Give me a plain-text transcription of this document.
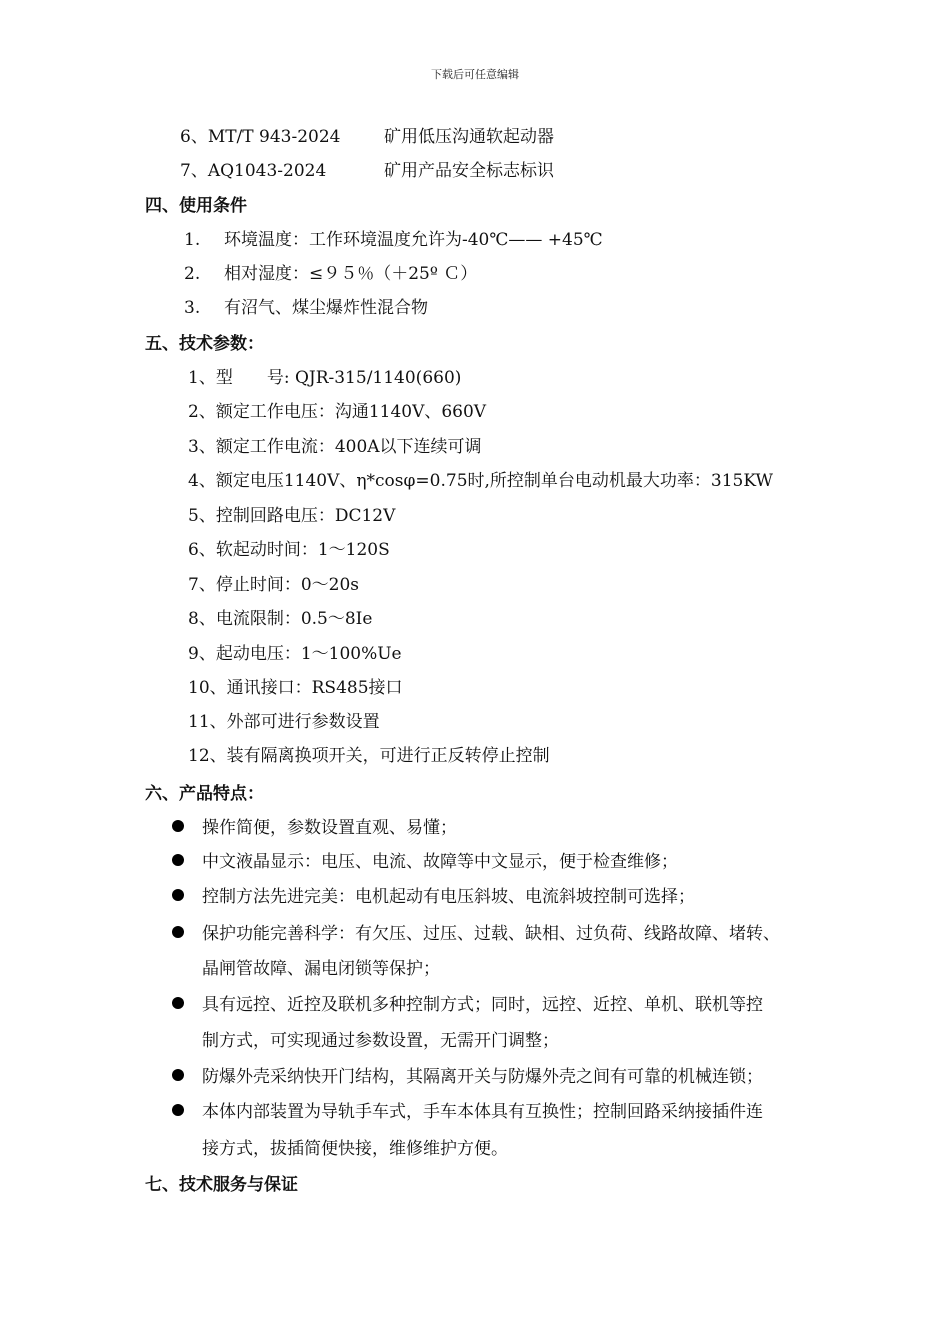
下载后可任意编辑
6、MT/T 943-2024	矿用低压沟通软起动器
7、AQ1043-2024	矿用产品安全标志标识
四、使用条件
1. 环境温度：工作环境温度允许为-40℃—— +45℃
2. 相对湿度：≤９５％（＋25º Ｃ）
3. 有沼气、煤尘爆炸性混合物
五、技术参数：
1、型　　号: QJR-315/1140(660)
2、额定工作电压：沟通1140V、660V
3、额定工作电流：400A以下连续可调
4、额定电压1140V、η*cosφ=0.75时,所控制单台电动机最大功率：315KW
5、控制回路电压：DC12V
6、软起动时间：1～120S
7、停止时间：0～20s
8、电流限制：0.5～8Ie
9、起动电压：1～100%Ue
10、通讯接口：RS485接口
11、外部可进行参数设置
12、装有隔离换项开关，可进行正反转停止控制
六、产品特点：
操作简便，参数设置直观、易懂；
中文液晶显示：电压、电流、故障等中文显示，便于检查维修；
控制方法先进完美：电机起动有电压斜坡、电流斜坡控制可选择；
保护功能完善科学：有欠压、过压、过载、缺相、过负荷、线路故障、堵转、
晶闸管故障、漏电闭锁等保护；
具有远控、近控及联机多种控制方式；同时，远控、近控、单机、联机等控
制方式，可实现通过参数设置，无需开门调整；
防爆外壳采纳快开门结构，其隔离开关与防爆外壳之间有可靠的机械连锁；
本体内部装置为导轨手车式，手车本体具有互换性；控制回路采纳接插件连
接方式，拔插简便快接，维修维护方便。
七、技术服务与保证
